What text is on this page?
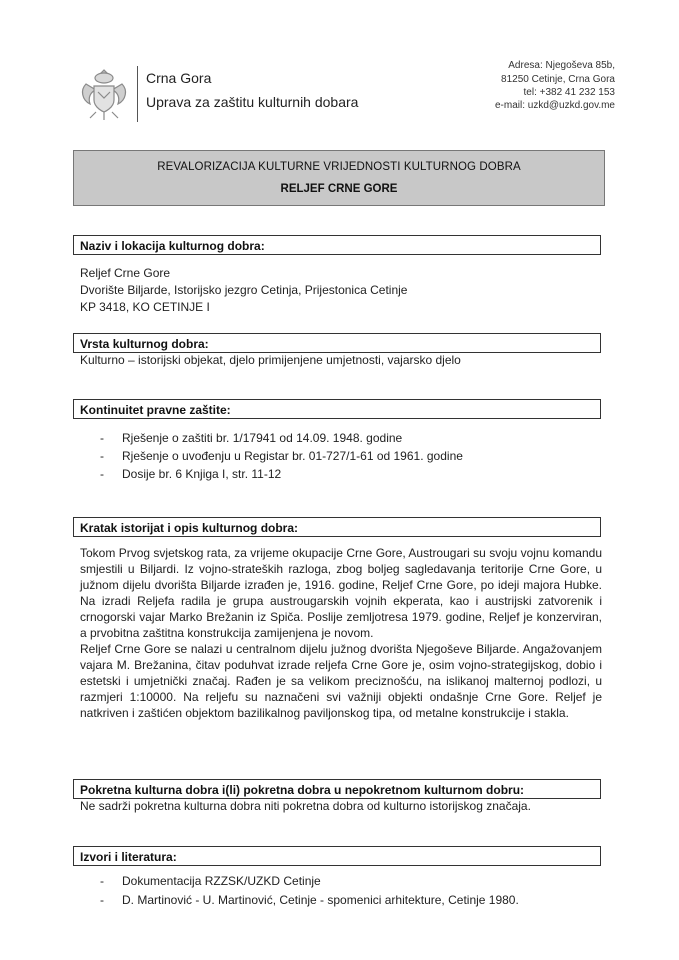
Crna Gora
Uprava za zaštitu kulturnih dobara
Adresa: Njegoševa 85b,
81250 Cetinje, Crna Gora
tel: +382 41 232 153
e-mail: uzkd@uzkd.gov.me
REVALORIZACIJA KULTURNE VRIJEDNOSTI KULTURNOG DOBRA
RELJEF CRNE GORE
Naziv i lokacija kulturnog dobra:
Reljef Crne Gore
Dvorište Biljarde, Istorijsko jezgro Cetinja, Prijestonica Cetinje
KP 3418, KO CETINJE I
Vrsta kulturnog dobra:
Kulturno – istorijski objekat, djelo primijenjene umjetnosti, vajarsko djelo
Kontinuitet pravne zaštite:
- Rješenje o zaštiti br. 1/17941 od 14.09. 1948. godine
- Rješenje o uvođenju u Registar br. 01-727/1-61 od 1961. godine
- Dosije br. 6 Knjiga I, str. 11-12
Kratak istorijat i opis kulturnog dobra:

Tokom Prvog svjetskog rata, za vrijeme okupacije Crne Gore, Austrougari su svoju vojnu komandu smjestili u Biljardi. Iz vojno-strateških razloga, zbog boljeg sagledavanja teritorije Crne Gore, u južnom dijelu dvorišta Biljarde izrađen je, 1916. godine, Reljef Crne Gore, po ideji majora Hubke. Na izradi Reljefa radila je grupa austrougarskih vojnih ekperata, kao i austrijski zatvorenik i crnogorski vajar Marko Brežanin iz Spiča. Poslije zemljotresa 1979. godine, Reljef je konzerviran, a prvobitna zaštitna konstrukcija zamijenjena je novom.

Reljef Crne Gore se nalazi u centralnom dijelu južnog dvorišta Njegoševe Biljarde. Angažovanjem vajara M. Brežanina, čitav poduhvat izrade reljefa Crne Gore je, osim vojno-strategijskog, dobio i estetski i umjetnički značaj. Rađen je sa velikom preciznošću, na islikanoj malternoj podlozi, u razmjeri 1:10000. Na reljefu su naznačeni svi važniji objekti ondašnje Crne Gore. Reljef je natkriven i zaštićen objektom bazilikalnog paviljonskog tipa, od metalne konstrukcije i stakla.

Pokretna kulturna dobra i(li) pokretna dobra u nepokretnom kulturnom dobru:
Ne sadrži pokretna kulturna dobra niti pokretna dobra od kulturno istorijskog značaja.
Izvori i literatura:
- Dokumentacija RZZSK/UZKD Cetinje
- D. Martinović - U. Martinović, Cetinje - spomenici arhitekture, Cetinje 1980.
